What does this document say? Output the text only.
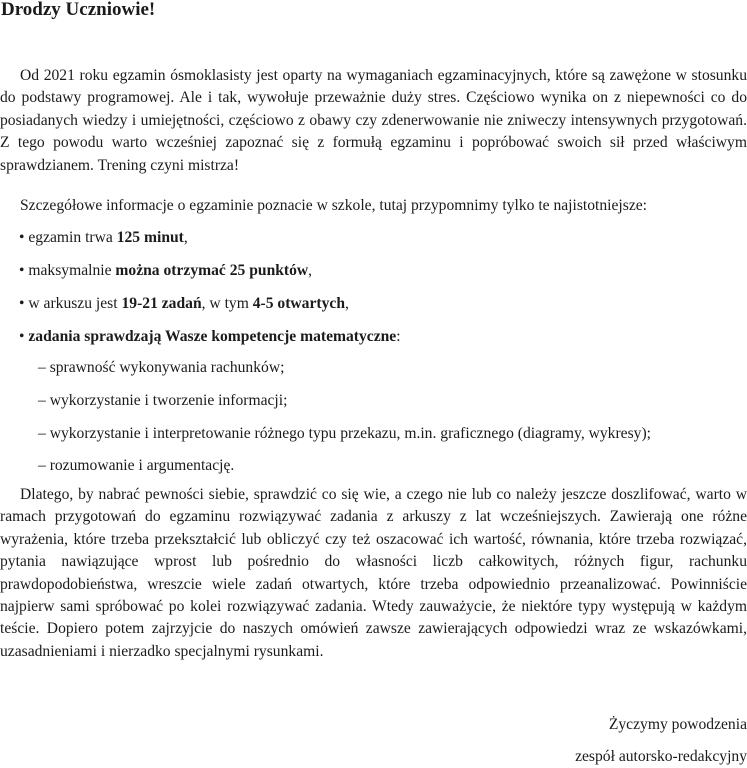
Drodzy Uczniowie!

Od 2021 roku egzamin ósmoklasisty jest oparty na wymaganiach egzaminacyjnych, które są zawężone w stosunku do podstawy programowej. Ale i tak, wywołuje przeważnie duży stres. Częściowo wynika on z niepewności co do posiadanych wiedzy i umiejętności, częściowo z obawy czy zdenerwowanie nie zniweczy intensywnych przygotowań. Z tego powodu warto wcześniej zapoznać się z formułą egzaminu i popróbować swoich sił przed właściwym sprawdzianem. Trening czyni mistrza!

Szczegółowe informacje o egzaminie poznacie w szkole, tutaj przypomnimy tylko te najistotniejsze:

• egzamin trwa 125 minut,

• maksymalnie można otrzymać 25 punktów,

• w arkuszu jest 19-21 zadań, w tym 4-5 otwartych,

• zadania sprawdzają Wasze kompetencje matematyczne:

– sprawność wykonywania rachunków;

– wykorzystanie i tworzenie informacji;

– wykorzystanie i interpretowanie różnego typu przekazu, m.in. graficznego (diagramy, wykresy);

– rozumowanie i argumentację.

Dlatego, by nabrać pewności siebie, sprawdzić co się wie, a czego nie lub co należy jeszcze doszlifować, warto w ramach przygotowań do egzaminu rozwiązywać zadania z arkuszy z lat wcześniejszych. Zawierają one różne wyrażenia, które trzeba przekształcić lub obliczyć czy też oszacować ich wartość, równania, które trzeba rozwiązać, pytania nawiązujące wprost lub pośrednio do własności liczb całkowitych, różnych figur, rachunku prawdopodobieństwa, wreszcie wiele zadań otwartych, które trzeba odpowiednio przeanalizować. Powinniście najpierw sami spróbować po kolei rozwiązywać zadania. Wtedy zauważycie, że niektóre typy występują w każdym teście. Dopiero potem zajrzyjcie do naszych omówień zawsze zawierających odpowiedzi wraz ze wskazówkami, uzasadnieniami i nierzadko specjalnymi rysunkami.

Życzymy powodzenia

zespół autorsko-redakcyjny
